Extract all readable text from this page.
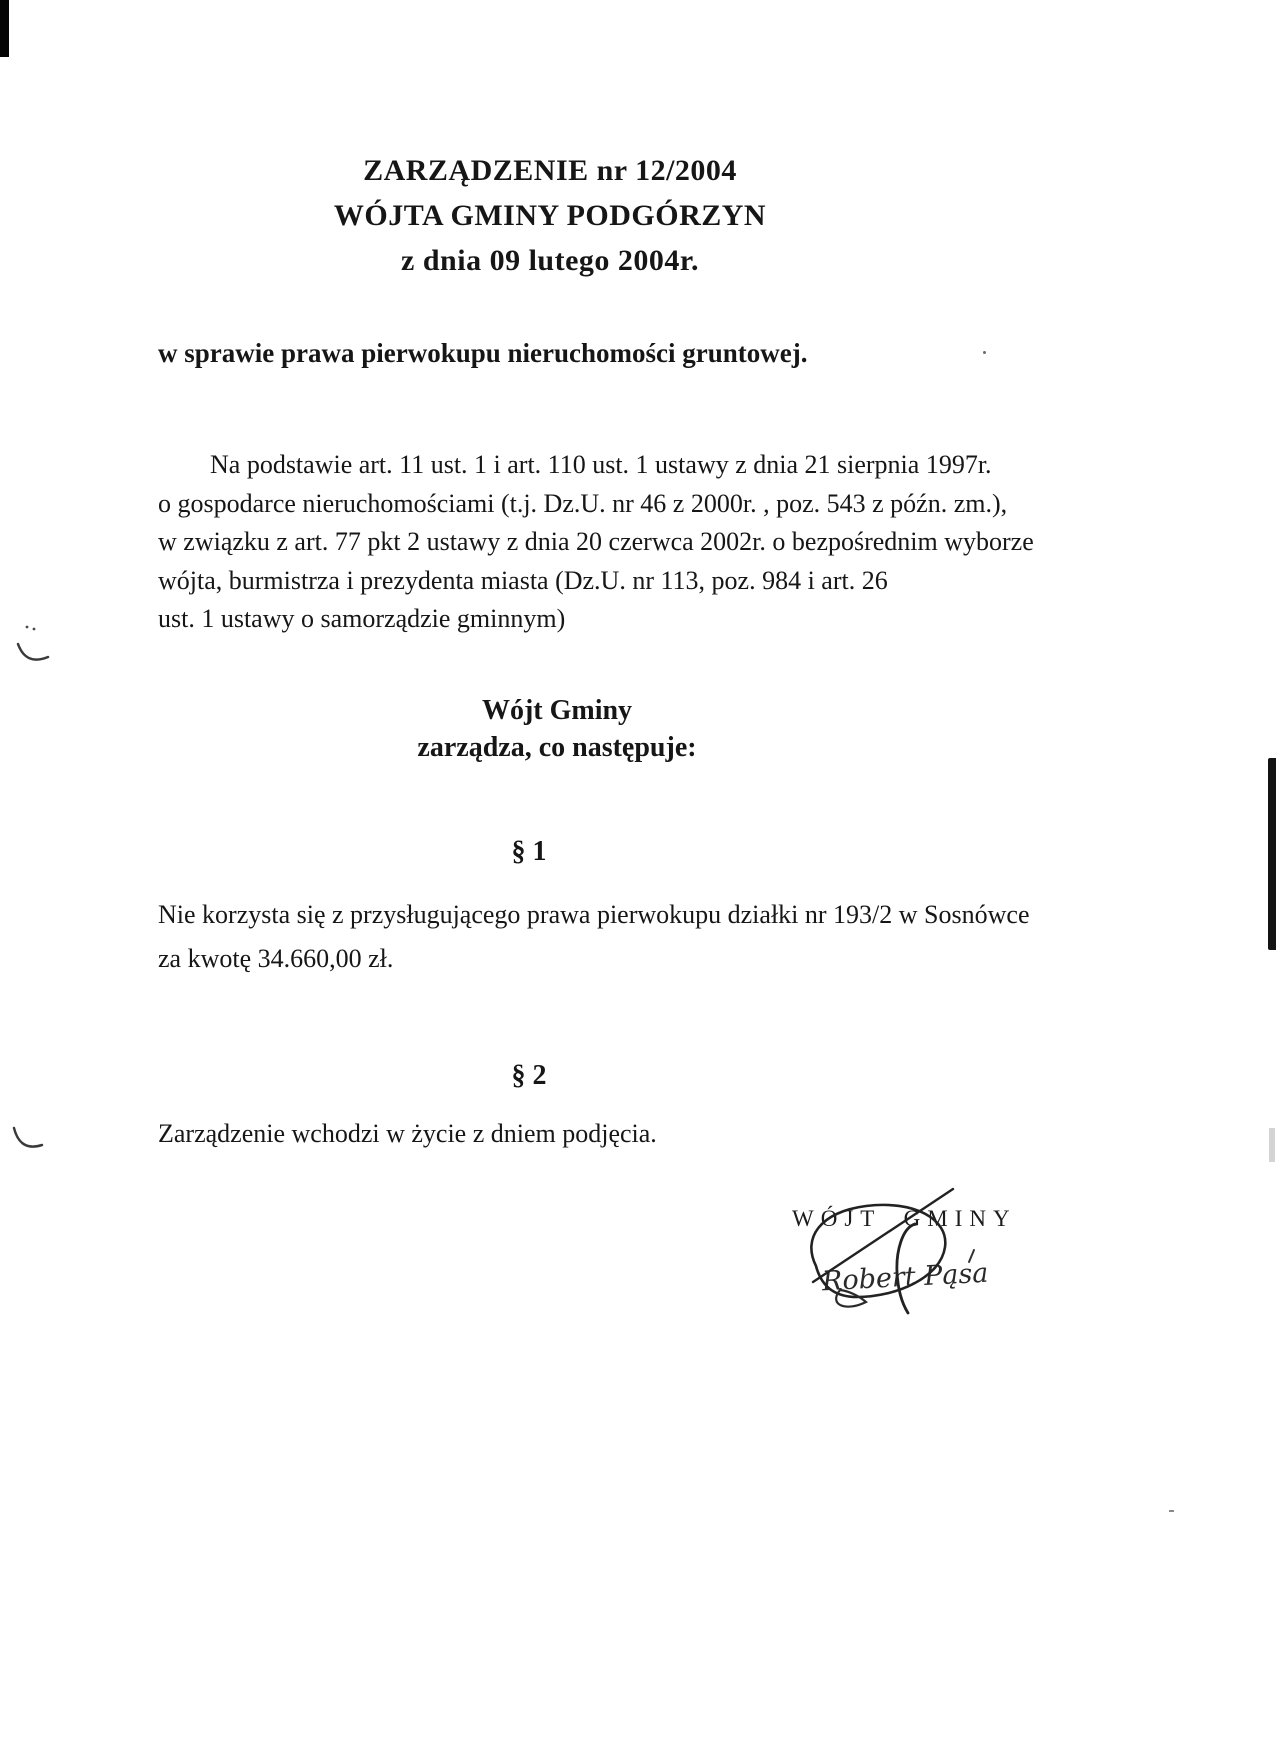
ZARZĄDZENIE nr 12/2004
WÓJTA GMINY PODGÓRZYN
z dnia 09 lutego 2004r.
w sprawie prawa pierwokupu nieruchomości gruntowej.
Na podstawie art. 11 ust. 1 i art. 110 ust. 1 ustawy z dnia 21 sierpnia 1997r.
o gospodarce nieruchomościami (t.j. Dz.U. nr 46 z 2000r. , poz. 543 z późn. zm.),
w związku z art. 77 pkt 2 ustawy z dnia 20 czerwca 2002r. o bezpośrednim wyborze
wójta, burmistrza i prezydenta miasta (Dz.U. nr 113, poz. 984 i art. 26
ust. 1 ustawy o samorządzie gminnym)
Wójt Gminy
zarządza, co następuje:
§ 1
Nie korzysta się z przysługującego prawa pierwokupu działki nr 193/2 w Sosnówce
za kwotę 34.660,00 zł.
§ 2
Zarządzenie wchodzi w życie z dniem podjęcia.
WÓJT GMINY
Robert Pąsa
